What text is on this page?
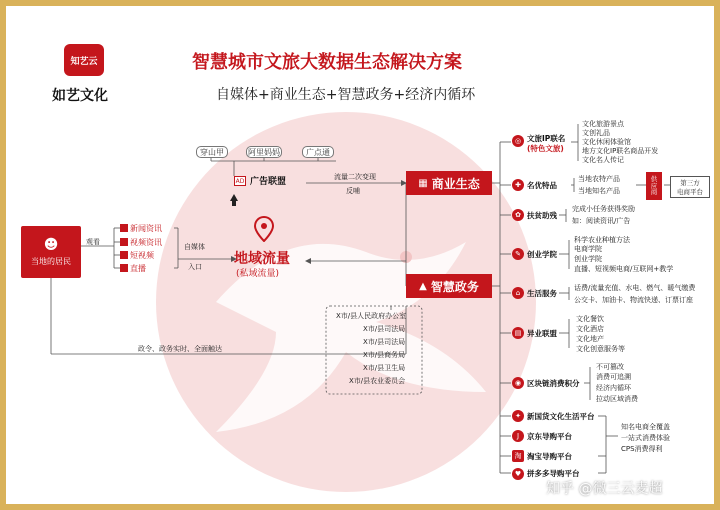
知艺云
如艺文化
智慧城市文旅大数据生态解决方案
自媒体+商业生态+智慧政务+经济内循环
☻
当地的居民
观看
新闻资讯
视频资讯
短视频
直播
自媒体
入口
穿山甲	阿里妈妈	广点通
AD 广告联盟
地域流量
(私域流量)
流量二次变现
反哺
▦ 商业生态
▲ 智慧政务
X市/县人民政府办公室
X市/县司法局
X市/县司法局
X市/县商务局
X市/县卫生局
X市/县农业委员会
政令、政务实时、全面触达
◎ 文旅IP联名
(特色文旅)
文化旅游景点
文创礼品
文化休闲体验馆
地方文化IP联名商品开发
文化名人传记
✚ 名优特品
当地农特产品
当地知名产品
供
应
商
第三方
电商平台
✿ 扶贫助残
完成小任务获得奖励
如：阅读资讯/广告
✎ 创业学院
科学农业种植方法
电商学院
创业学院
直播、短视频电商/互联网+教学
⌂ 生活服务
话费/流量充值、水电、燃气、暖气缴费
公交卡、加油卡、物流快递、订票订座
▤ 异业联盟
文化餐饮
文化酒店
文化地产
文化创意服务等
◉ 区块链消费积分
不可篡改
消费可追溯
经济内循环
拉动区域消费
✦ 新国货文化生活平台
J	京东导购平台
淘 淘宝导购平台
♥ 拼多多导购平台
知名电商全覆盖
一站式消费体验
CPS消费得利
知乎 @微三云麦超
